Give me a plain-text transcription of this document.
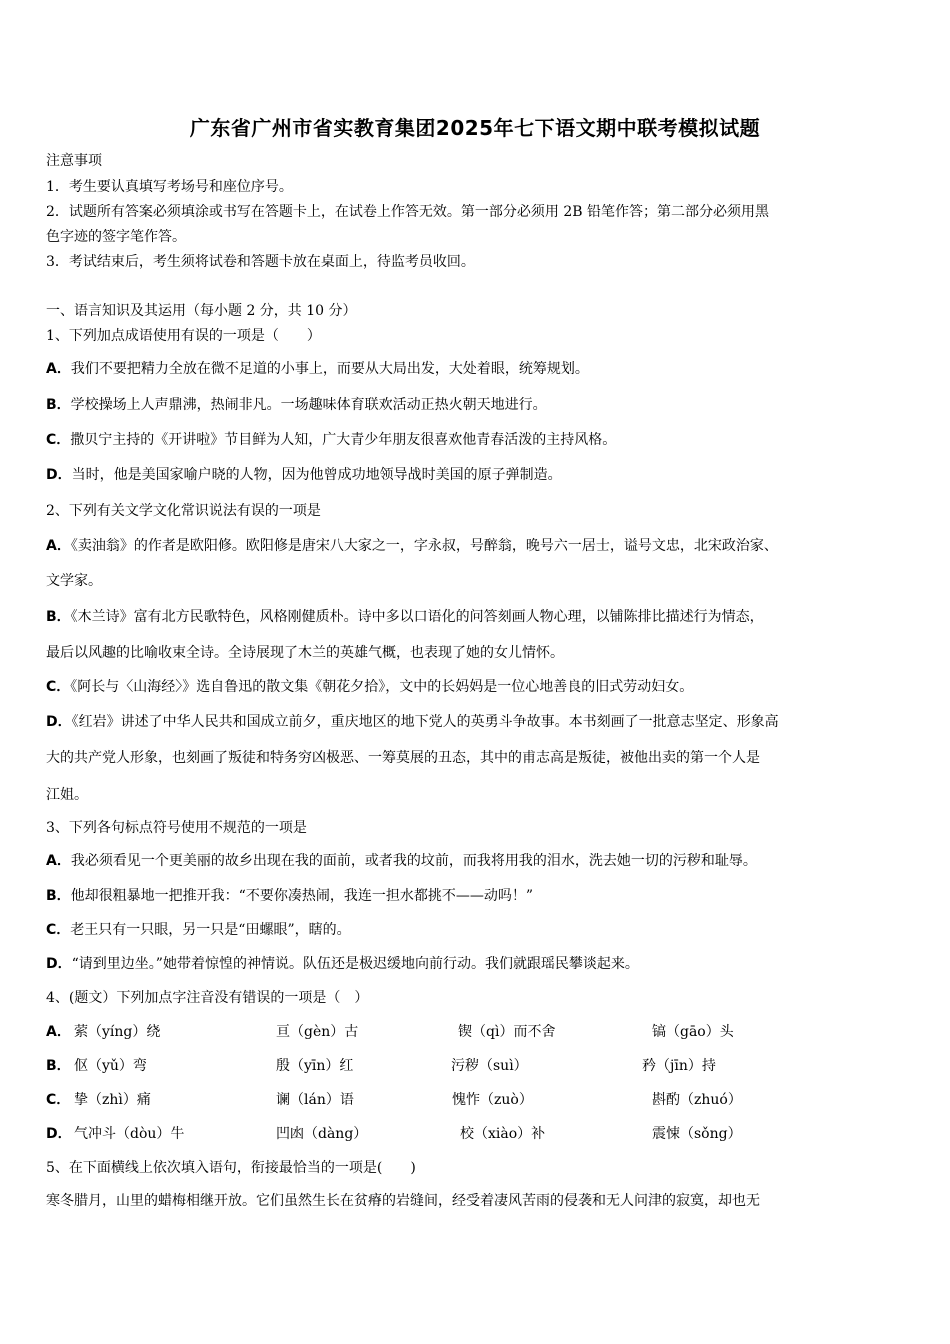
广东省广州市省实教育集团2025年七下语文期中联考模拟试题
注意事项
1．考生要认真填写考场号和座位序号。
2．试题所有答案必须填涂或书写在答题卡上，在试卷上作答无效。第一部分必须用 2B 铅笔作答；第二部分必须用黑
色字迹的签字笔作答。
3．考试结束后，考生须将试卷和答题卡放在桌面上，待监考员收回。
一、语言知识及其运用（每小题 2 分，共 10 分）
1、下列加点成语使用有误的一项是（　　）
A．我们不要把精力全放在微不足道的小事上，而要从大局出发，大处着眼，统筹规划。
B．学校操场上人声鼎沸，热闹非凡。一场趣味体育联欢活动正热火朝天地进行。
C．撒贝宁主持的《开讲啦》节目鲜为人知，广大青少年朋友很喜欢他青春活泼的主持风格。
D．当时，他是美国家喻户晓的人物，因为他曾成功地领导战时美国的原子弹制造。
2、下列有关文学文化常识说法有误的一项是
A．《卖油翁》的作者是欧阳修。欧阳修是唐宋八大家之一，字永叔，号醉翁，晚号六一居士，谥号文忠，北宋政治家、
文学家。
B．《木兰诗》富有北方民歌特色，风格刚健质朴。诗中多以口语化的问答刻画人物心理，以铺陈排比描述行为情态，
最后以风趣的比喻收束全诗。全诗展现了木兰的英雄气概，也表现了她的女儿情怀。
C．《阿长与〈山海经〉》选自鲁迅的散文集《朝花夕拾》，文中的长妈妈是一位心地善良的旧式劳动妇女。
D．《红岩》讲述了中华人民共和国成立前夕，重庆地区的地下党人的英勇斗争故事。本书刻画了一批意志坚定、形象高
大的共产党人形象，也刻画了叛徒和特务穷凶极恶、一筹莫展的丑态，其中的甫志高是叛徒，被他出卖的第一个人是
江姐。
3、下列各句标点符号使用不规范的一项是
A．我必须看见一个更美丽的故乡出现在我的面前，或者我的坟前，而我将用我的泪水，洗去她一切的污秽和耻辱。
B．他却很粗暴地一把推开我：“不要你凑热闹，我连一担水都挑不——动吗！”
C．老王只有一只眼，另一只是“田螺眼”，瞎的。
D．“请到里边坐。”她带着惊惶的神情说。队伍还是极迟缓地向前行动。我们就跟瑶民攀谈起来。
4、(题文）下列加点字注音没有错误的一项是（　）
A． 萦（yíng）绕	亘（gèn）古	锲（qì）而不舍	镐（gāo）头
B． 伛（yǔ）弯	殷（yīn）红	污秽（suì）	矜（jīn）持
C． 挚（zhì）痛	谰（lán）语	愧怍（zuò）	斟酌（zhuó）
D． 气冲斗（dòu）牛	凹凼（dàng）	校（xiào）补	震悚（sǒng）
5、在下面横线上依次填入语句，衔接最恰当的一项是(　　)
寒冬腊月，山里的蜡梅相继开放。它们虽然生长在贫瘠的岩缝间，经受着凄风苦雨的侵袭和无人问津的寂寞，却也无
